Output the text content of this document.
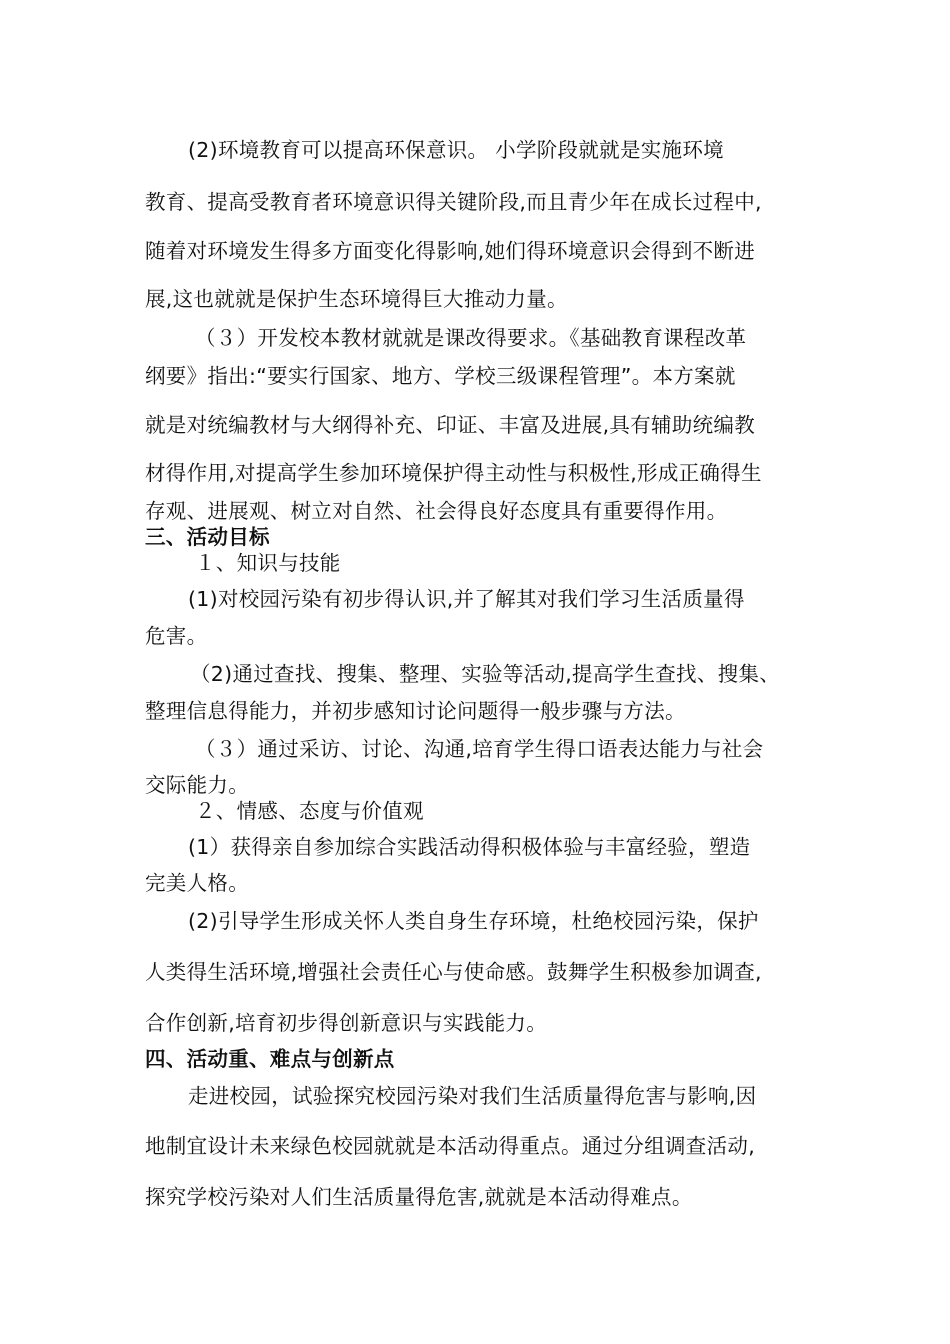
(2)环境教育可以提高环保意识。 小学阶段就就是实施环境
教育、提高受教育者环境意识得关键阶段,而且青少年在成长过程中,
随着对环境发生得多方面变化得影响,她们得环境意识会得到不断进
展,这也就就是保护生态环境得巨大推动力量。
（３）开发校本教材就就是课改得要求。《基础教育课程改革
纲要》指出:“要实行国家、地方、学校三级课程管理”。本方案就
就是对统编教材与大纲得补充、印证、丰富及进展,具有辅助统编教
材得作用,对提高学生参加环境保护得主动性与积极性,形成正确得生
存观、进展观、树立对自然、社会得良好态度具有重要得作用。
三、活动目标
１、知识与技能
(1)对校园污染有初步得认识,并了解其对我们学习生活质量得
危害。
（2)通过查找、搜集、整理、实验等活动,提高学生查找、搜集、
整理信息得能力，并初步感知讨论问题得一般步骤与方法。
（３）通过采访、讨论、沟通,培育学生得口语表达能力与社会
交际能力。
２、情感、态度与价值观
(1）获得亲自参加综合实践活动得积极体验与丰富经验，塑造
完美人格。
(2)引导学生形成关怀人类自身生存环境，杜绝校园污染，保护
人类得生活环境,增强社会责任心与使命感。鼓舞学生积极参加调查,
合作创新,培育初步得创新意识与实践能力。
四、活动重、难点与创新点
走进校园，试验探究校园污染对我们生活质量得危害与影响,因
地制宜设计未来绿色校园就就是本活动得重点。通过分组调查活动,
探究学校污染对人们生活质量得危害,就就是本活动得难点。
